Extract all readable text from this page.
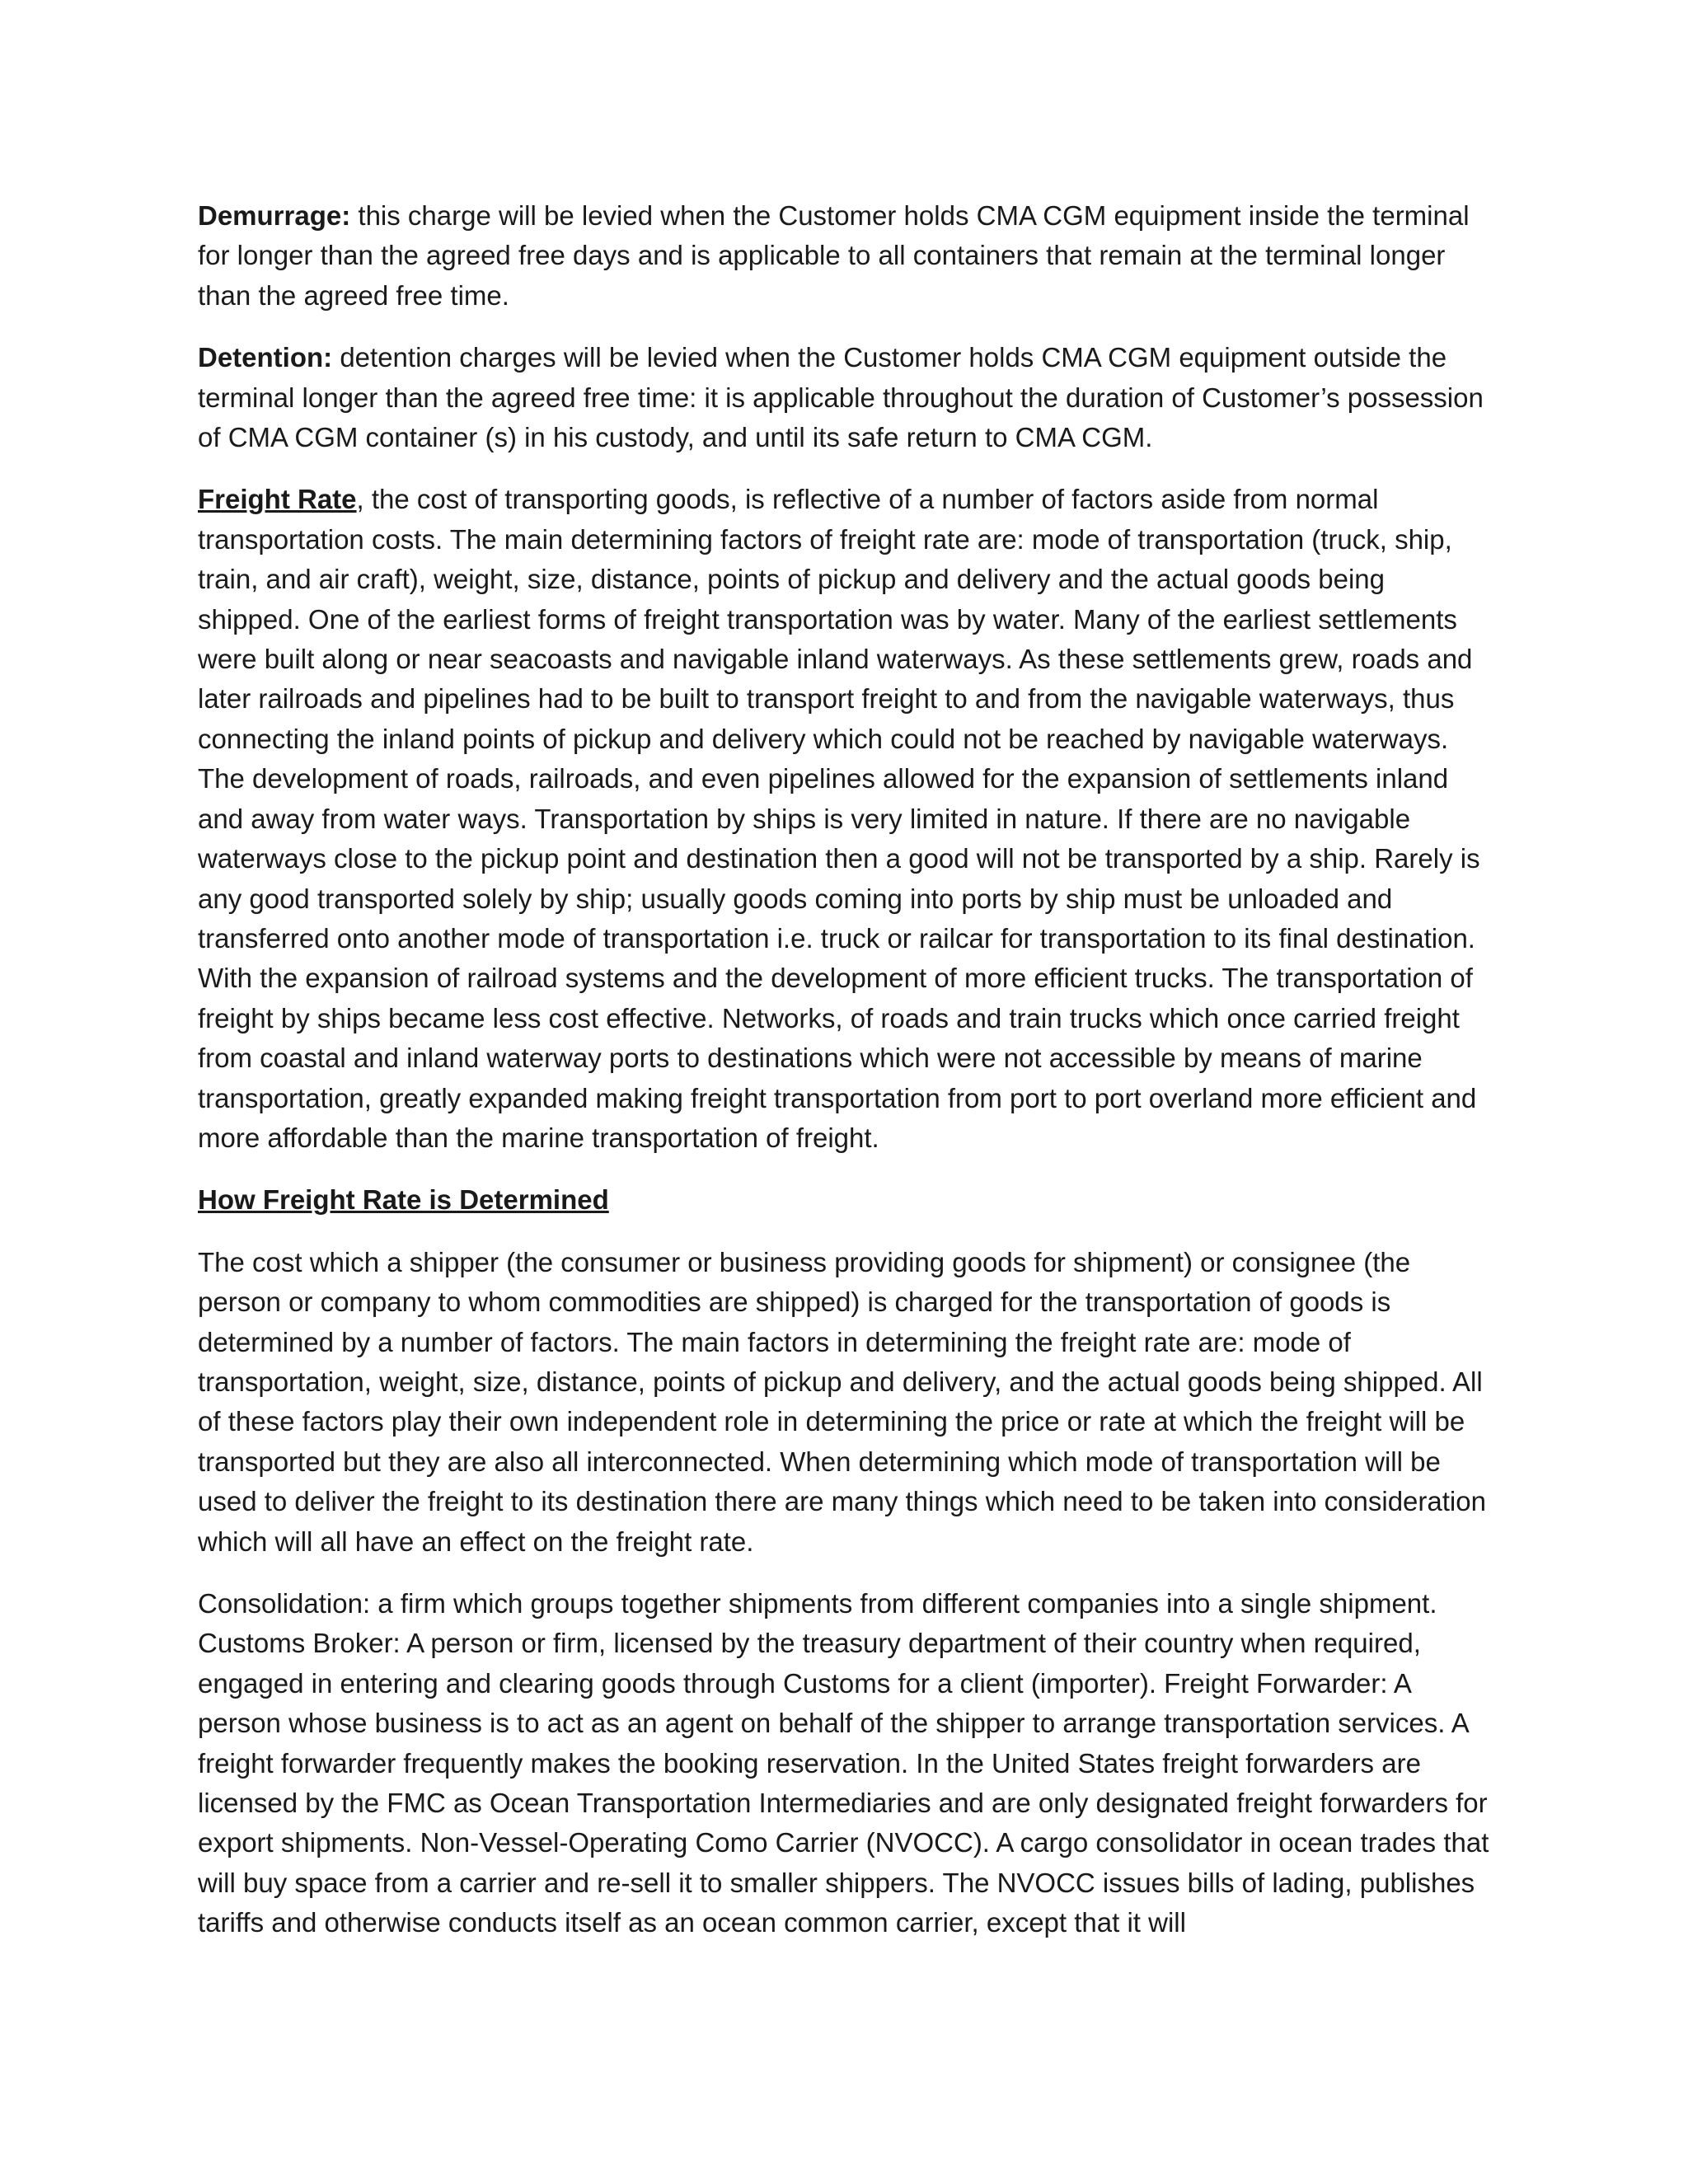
Demurrage: this charge will be levied when the Customer holds CMA CGM equipment inside the terminal for longer than the agreed free days and is applicable to all containers that remain at the terminal longer than the agreed free time.

Detention: detention charges will be levied when the Customer holds CMA CGM equipment outside the terminal longer than the agreed free time: it is applicable throughout the duration of Customer’s possession of CMA CGM container (s) in his custody, and until its safe return to CMA CGM.

Freight Rate, the cost of transporting goods, is reflective of a number of factors aside from normal transportation costs. The main determining factors of freight rate are: mode of transportation (truck, ship, train, and air craft), weight, size, distance, points of pickup and delivery and the actual goods being shipped. One of the earliest forms of freight transportation was by water. Many of the earliest settlements were built along or near seacoasts and navigable inland waterways. As these settlements grew, roads and later railroads and pipelines had to be built to transport freight to and from the navigable waterways, thus connecting the inland points of pickup and delivery which could not be reached by navigable waterways. The development of roads, railroads, and even pipelines allowed for the expansion of settlements inland and away from water ways. Transportation by ships is very limited in nature. If there are no navigable waterways close to the pickup point and destination then a good will not be transported by a ship. Rarely is any good transported solely by ship; usually goods coming into ports by ship must be unloaded and transferred onto another mode of transportation i.e. truck or railcar for transportation to its final destination. With the expansion of railroad systems and the development of more efficient trucks. The transportation of freight by ships became less cost effective. Networks, of roads and train trucks which once carried freight from coastal and inland waterway ports to destinations which were not accessible by means of marine transportation, greatly expanded making freight transportation from port to port overland more efficient and more affordable than the marine transportation of freight.

How Freight Rate is Determined

The cost which a shipper (the consumer or business providing goods for shipment) or consignee (the person or company to whom commodities are shipped) is charged for the transportation of goods is determined by a number of factors. The main factors in determining the freight rate are: mode of transportation, weight, size, distance, points of pickup and delivery, and the actual goods being shipped. All of these factors play their own independent role in determining the price or rate at which the freight will be transported but they are also all interconnected. When determining which mode of transportation will be used to deliver the freight to its destination there are many things which need to be taken into consideration which will all have an effect on the freight rate.

Consolidation: a firm which groups together shipments from different companies into a single shipment. Customs Broker: A person or firm, licensed by the treasury department of their country when required, engaged in entering and clearing goods through Customs for a client (importer). Freight Forwarder: A person whose business is to act as an agent on behalf of the shipper to arrange transportation services. A freight forwarder frequently makes the booking reservation. In the United States freight forwarders are licensed by the FMC as Ocean Transportation Intermediaries and are only designated freight forwarders for export shipments. Non-Vessel-Operating Como Carrier (NVOCC). A cargo consolidator in ocean trades that will buy space from a carrier and re-sell it to smaller shippers. The NVOCC issues bills of lading, publishes tariffs and otherwise conducts itself as an ocean common carrier, except that it will
